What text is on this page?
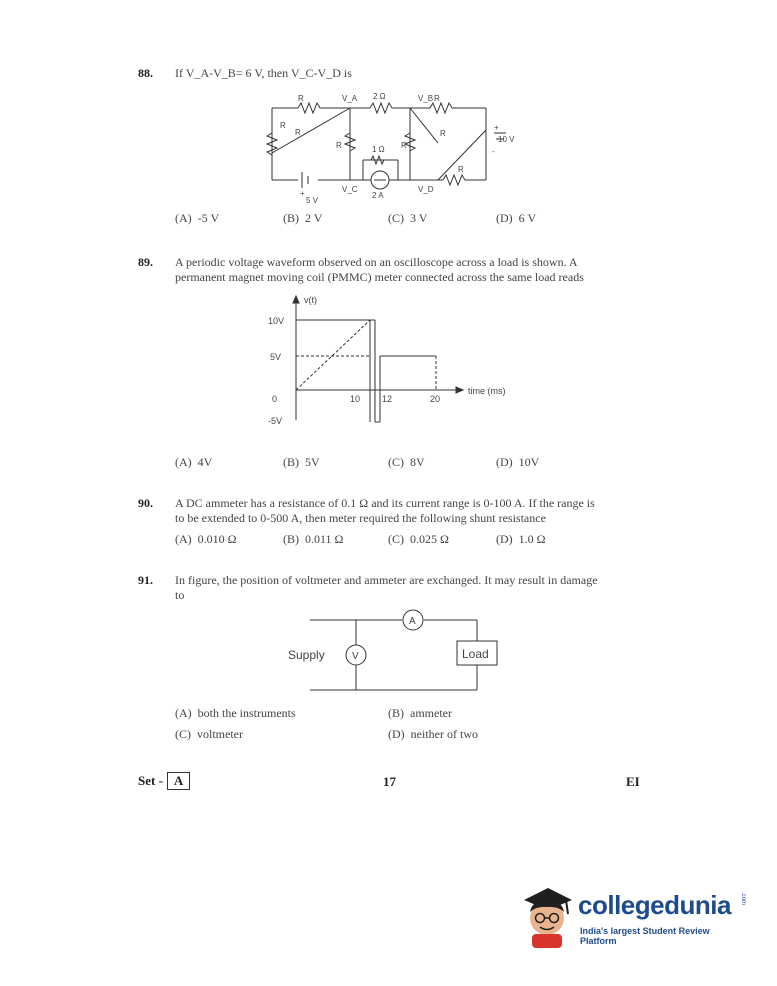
88. If V_A-V_B= 6 V, then V_C-V_D is
R	V_A 2 Ω	V_B R
R
R
R	1 Ω R
R
R
10 V
+
-
+
5 V
V_C
2 A
V_D
(A) -5 V	(B) 2 V	(C) 3 V	(D) 6 V
89. A periodic voltage waveform observed on an oscilloscope across a load is shown. A
permanent magnet moving coil (PMMC) meter connected across the same load reads
v(t)
time (ms)
10V
5V
0
-5V
10 12	20
(A) 4V	(B) 5V	(C) 8V	(D) 10V
90. A DC ammeter has a resistance of 0.1 Ω and its current range is 0-100 A. If the range is
to be extended to 0-500 A, then meter required the following shunt resistance
(A) 0.010 Ω	(B) 0.011 Ω	(C) 0.025 Ω	(D) 1.0 Ω
91. In figure, the position of voltmeter and ammeter are exchanged. It may result in damage
to
Supply	V
A
Load
(A) both the instruments	(B) ammeter
(C) voltmeter	(D) neither of two
Set - A	17	EI
collegedunia .com
India's largest Student Review Platform
